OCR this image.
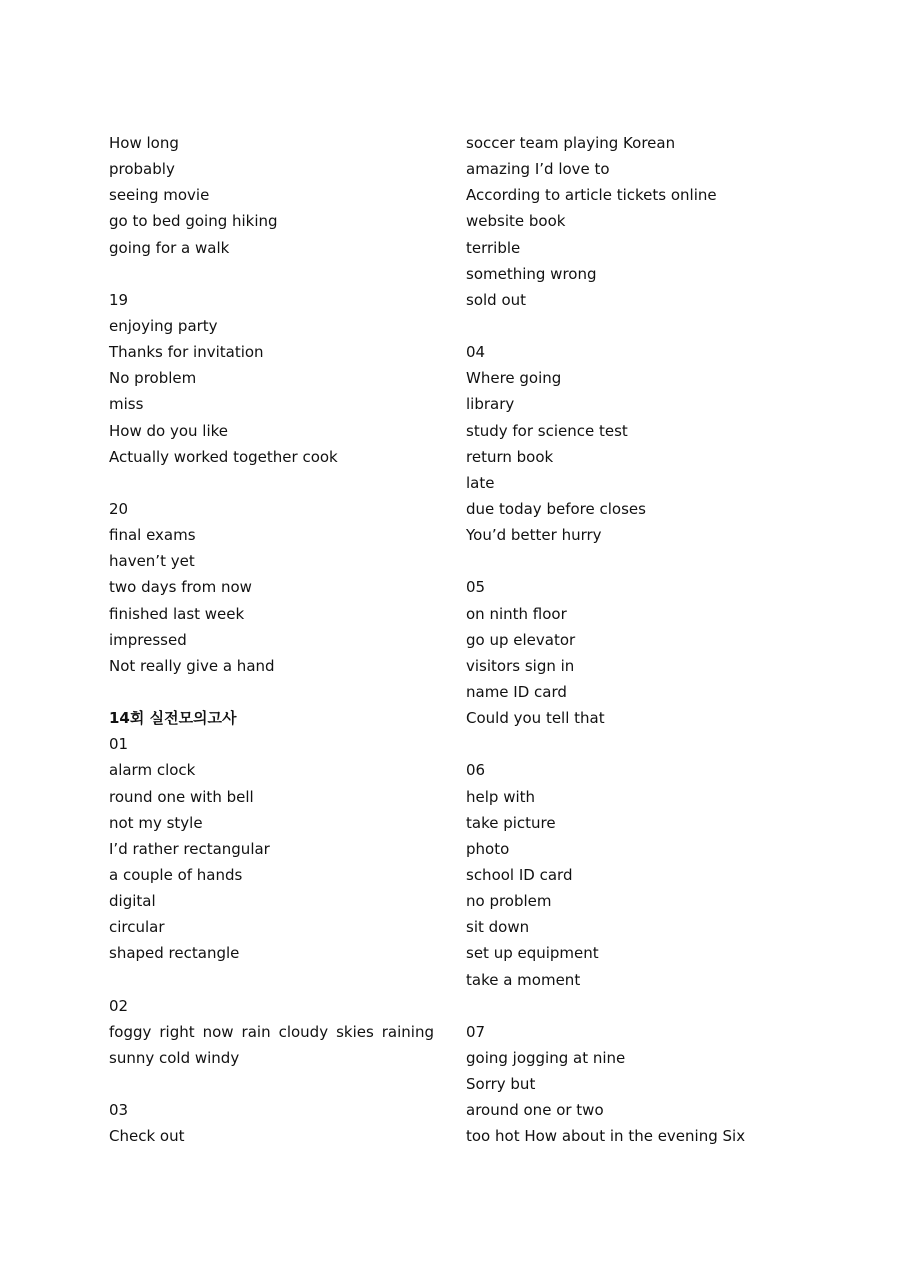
How long
probably
seeing movie
go to bed going hiking
going for a walk
19
enjoying party
Thanks for invitation
No problem
miss
How do you like
Actually worked together cook
20
final exams
haven’t yet
two days from now
finished last week
impressed
Not really give a hand
14회 실전모의고사
01
alarm clock
round one with bell
not my style
I’d rather rectangular
a couple of hands
digital
circular
shaped rectangle
02
foggy right now rain cloudy skies raining
sunny cold windy
03
Check out
soccer team playing Korean
amazing I’d love to
According to article tickets online
website book
terrible
something wrong
sold out
04
Where going
library
study for science test
return book
late
due today before closes
You’d better hurry
05
on ninth floor
go up elevator
visitors sign in
name ID card
Could you tell that
06
help with
take picture
photo
school ID card
no problem
sit down
set up equipment
take a moment
07
going jogging at nine
Sorry but
around one or two
too hot How about in the evening Six
